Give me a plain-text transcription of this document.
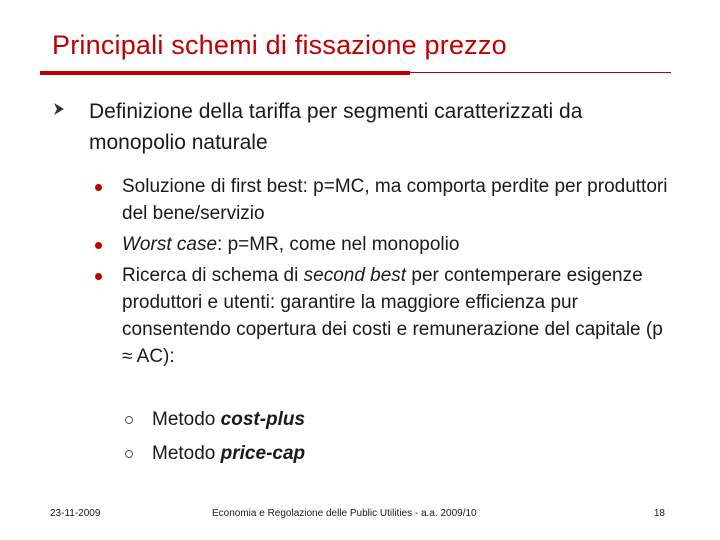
Principali schemi di fissazione prezzo
Definizione della tariffa per segmenti caratterizzati da monopolio naturale
Soluzione di first best: p=MC, ma comporta perdite per produttori del bene/servizio
Worst case: p=MR, come nel monopolio
Ricerca di schema di second best per contemperare esigenze produttori e utenti: garantire la maggiore efficienza pur consentendo copertura dei costi e remunerazione del capitale (p ≈ AC):
Metodo cost-plus
Metodo price-cap
23-11-2009	Economia e Regolazione delle Public Utilities - a.a. 2009/10	18
